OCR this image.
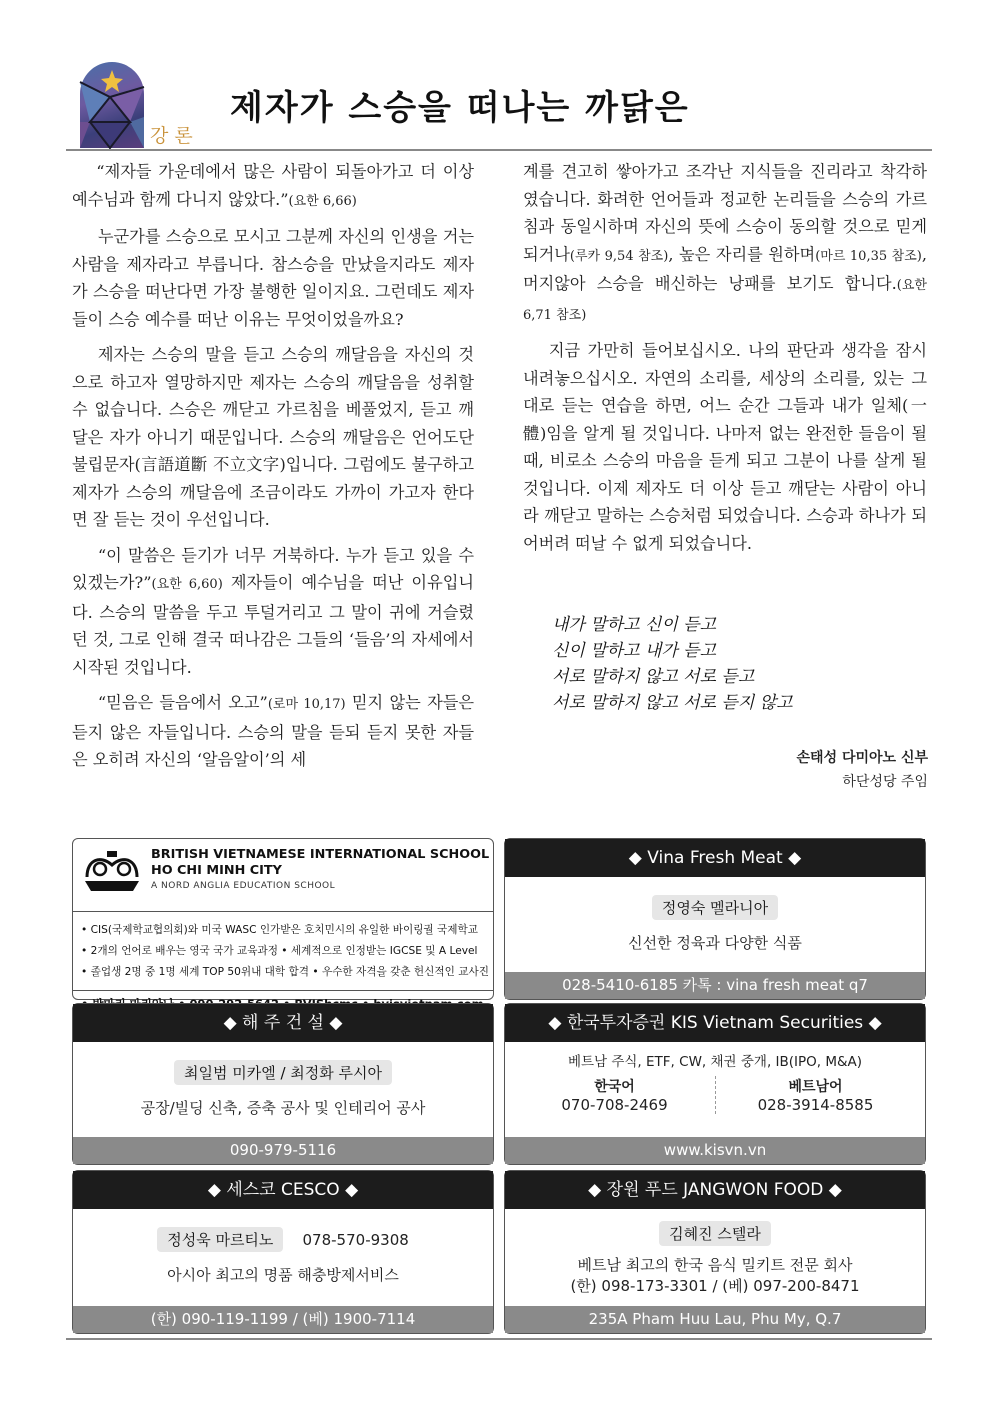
강론
제자가 스승을 떠나는 까닭은

“제자들 가운데에서 많은 사람이 되돌아가고 더 이상 예수님과 함께 다니지 않았다.”(요한 6,66)

누군가를 스승으로 모시고 그분께 자신의 인생을 거는 사람을 제자라고 부릅니다. 참스승을 만났을지라도 제자가 스승을 떠난다면 가장 불행한 일이지요. 그런데도 제자들이 스승 예수를 떠난 이유는 무엇이었을까요?

제자는 스승의 말을 듣고 스승의 깨달음을 자신의 것으로 하고자 열망하지만 제자는 스승의 깨달음을 성취할 수 없습니다. 스승은 깨닫고 가르침을 베풀었지, 듣고 깨달은 자가 아니기 때문입니다. 스승의 깨달음은 언어도단 불립문자(言語道斷 不立文字)입니다. 그럼에도 불구하고 제자가 스승의 깨달음에 조금이라도 가까이 가고자 한다면 잘 듣는 것이 우선입니다.

“이 말씀은 듣기가 너무 거북하다. 누가 듣고 있을 수 있겠는가?”(요한 6,60) 제자들이 예수님을 떠난 이유입니다. 스승의 말씀을 두고 투덜거리고 그 말이 귀에 거슬렸던 것, 그로 인해 결국 떠나감은 그들의 ‘들음’의 자세에서 시작된 것입니다.

“믿음은 들음에서 오고”(로마 10,17) 믿지 않는 자들은 듣지 않은 자들입니다. 스승의 말을 듣되 듣지 못한 자들은 오히려 자신의 ‘알음알이’의 세

계를 견고히 쌓아가고 조각난 지식들을 진리라고 착각하였습니다. 화려한 언어들과 정교한 논리들을 스승의 가르침과 동일시하며 자신의 뜻에 스승이 동의할 것으로 믿게 되거나(루카 9,54 참조), 높은 자리를 원하며(마르 10,35 참조), 머지않아 스승을 배신하는 낭패를 보기도 합니다.(요한 6,71 참조)

지금 가만히 들어보십시오. 나의 판단과 생각을 잠시 내려놓으십시오. 자연의 소리를, 세상의 소리를, 있는 그대로 듣는 연습을 하면, 어느 순간 그들과 내가 일체(一體)임을 알게 될 것입니다. 나마저 없는 완전한 들음이 될 때, 비로소 스승의 마음을 듣게 되고 그분이 나를 살게 될 것입니다. 이제 제자도 더 이상 듣고 깨닫는 사람이 아니라 깨닫고 말하는 스승처럼 되었습니다. 스승과 하나가 되어버려 떠날 수 없게 되었습니다.

내가 말하고 신이 듣고
신이 말하고 내가 듣고
서로 말하지 않고 서로 듣고
서로 말하지 않고 서로 듣지 않고
손태성 다미아노 신부
하단성당 주임
BRITISH VIETNAMESE INTERNATIONAL SCHOOL
HO CHI MINH CITY
A NORD ANGLIA EDUCATION SCHOOL
• CIS(국제학교협의회)와 미국 WASC 인가받은 호치민시의 유일한 바이링궐 국제학교
• 2개의 언어로 배우는 영국 국가 교육과정 • 세계적으로 인정받는 IGCSE 및 A Level
• 졸업생 2명 중 1명 세계 TOP 50위내 대학 합격 • 우수한 자격을 갖춘 헌신적인 교사진
◆ Vina Fresh Meat ◆
정영숙 멜라니아
신선한 정육과 다양한 식품
028-5410-6185 카톡 : vina fresh meat q7
◆ 해 주 건 설 ◆
최일범 미카엘 / 최정화 루시아
공장/빌딩 신축, 증축 공사 및 인테리어 공사
090-979-5116
◆ 한국투자증권 KIS Vietnam Securities ◆
베트남 주식, ETF, CW, 채권 중개, IB(IPO, M&A)
한국어
070-708-2469
베트남어
028-3914-8585
www.kisvn.vn
◆ 세스코 CESCO ◆
정성욱 마르티노 078-570-9308
아시아 최고의 명품 해충방제서비스
(한) 090-119-1199 / (베) 1900-7114
◆ 장원 푸드 JANGWON FOOD ◆
김혜진 스텔라
베트남 최고의 한국 음식 밀키트 전문 회사
(한) 098-173-3301 / (베) 097-200-8471
235A Pham Huu Lau, Phu My, Q.7
